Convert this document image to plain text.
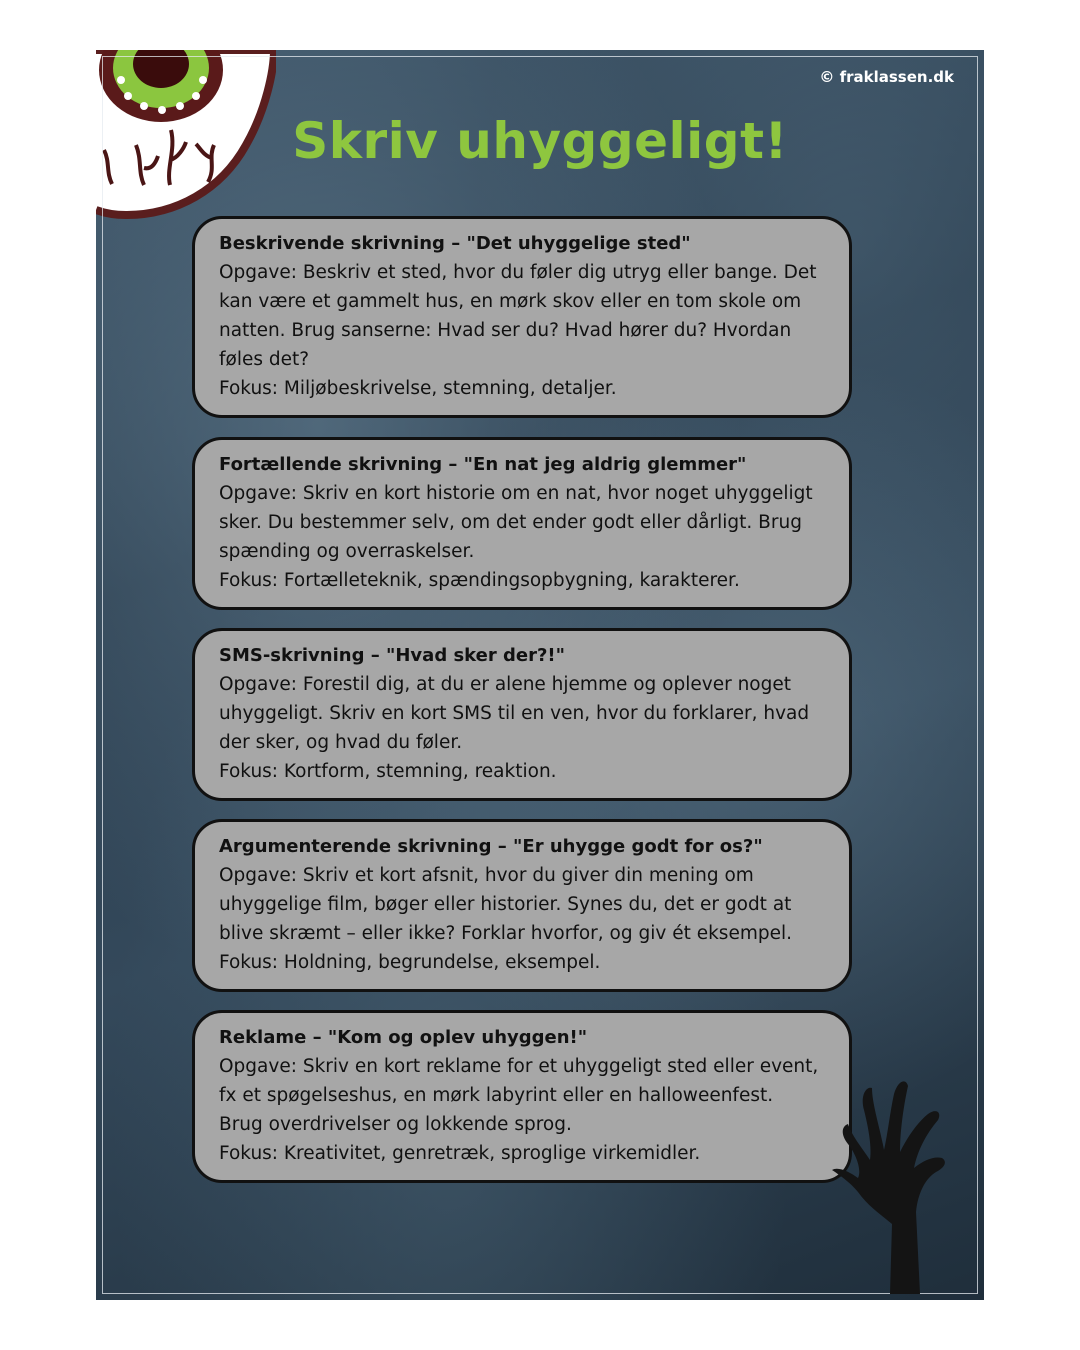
© fraklassen.dk
Skriv uhyggeligt!

Beskrivende skrivning – "Det uhyggelige sted"

Opgave: Beskriv et sted, hvor du føler dig utryg eller bange. Det kan være et gammelt hus, en mørk skov eller en tom skole om natten. Brug sanserne: Hvad ser du? Hvad hører du? Hvordan føles det?

Fokus: Miljøbeskrivelse, stemning, detaljer.

Fortællende skrivning – "En nat jeg aldrig glemmer"

Opgave: Skriv en kort historie om en nat, hvor noget uhyggeligt sker. Du bestemmer selv, om det ender godt eller dårligt. Brug spænding og overraskelser.

Fokus: Fortælleteknik, spændingsopbygning, karakterer.

SMS-skrivning – "Hvad sker der?!"

Opgave: Forestil dig, at du er alene hjemme og oplever noget uhyggeligt. Skriv en kort SMS til en ven, hvor du forklarer, hvad der sker, og hvad du føler.

Fokus: Kortform, stemning, reaktion.

Argumenterende skrivning – "Er uhygge godt for os?"

Opgave: Skriv et kort afsnit, hvor du giver din mening om uhyggelige film, bøger eller historier. Synes du, det er godt at blive skræmt – eller ikke? Forklar hvorfor, og giv ét eksempel.

Fokus: Holdning, begrundelse, eksempel.

Reklame – "Kom og oplev uhyggen!"

Opgave: Skriv en kort reklame for et uhyggeligt sted eller event, fx et spøgelseshus, en mørk labyrint eller en halloweenfest. Brug overdrivelser og lokkende sprog.

Fokus: Kreativitet, genretræk, sproglige virkemidler.
